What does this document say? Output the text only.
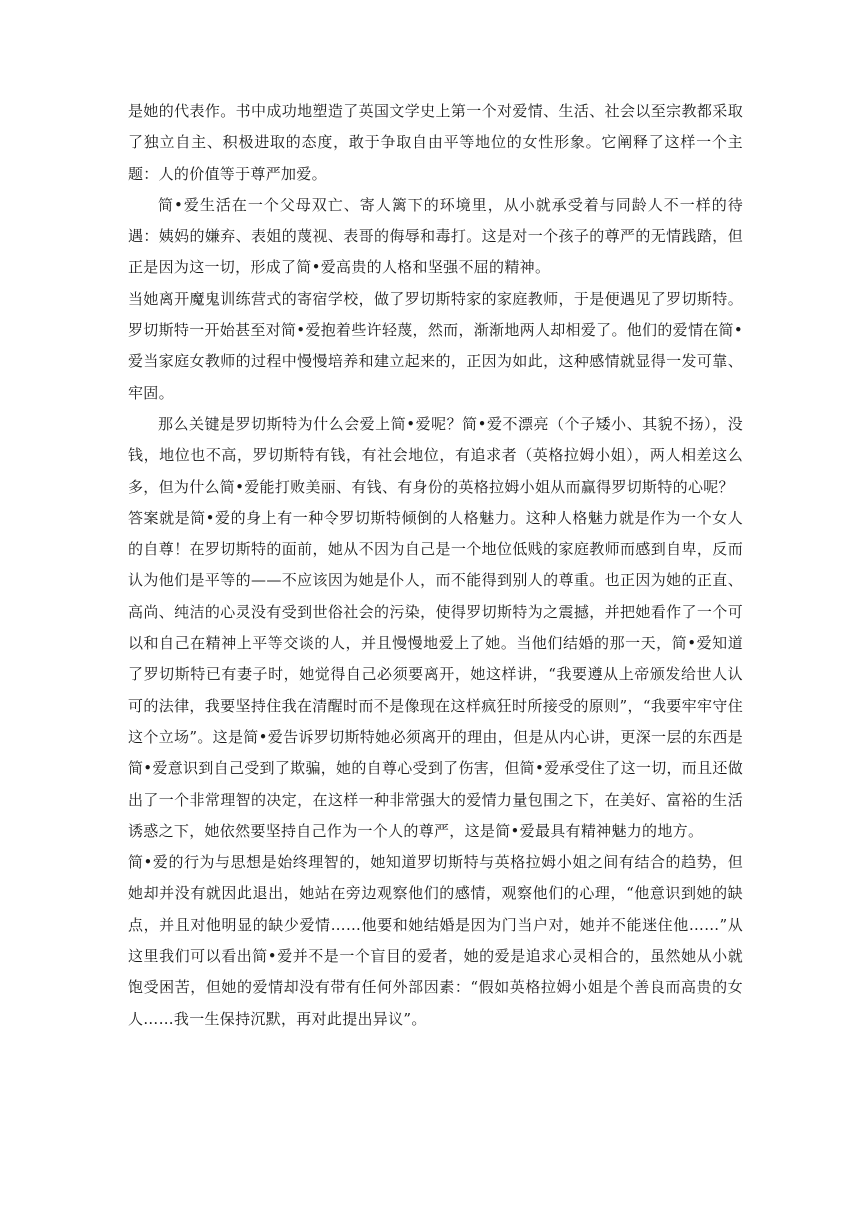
是她的代表作。书中成功地塑造了英国文学史上第一个对爱情、生活、社会以至宗教都采取了独立自主、积极进取的态度，敢于争取自由平等地位的女性形象。它阐释了这样一个主题：人的价值等于尊严加爱。

简•爱生活在一个父母双亡、寄人篱下的环境里，从小就承受着与同龄人不一样的待遇：姨妈的嫌弃、表姐的蔑视、表哥的侮辱和毒打。这是对一个孩子的尊严的无情践踏，但正是因为这一切，形成了简•爱高贵的人格和坚强不屈的精神。

当她离开魔鬼训练营式的寄宿学校，做了罗切斯特家的家庭教师，于是便遇见了罗切斯特。罗切斯特一开始甚至对简•爱抱着些许轻蔑，然而，渐渐地两人却相爱了。他们的爱情在简•爱当家庭女教师的过程中慢慢培养和建立起来的，正因为如此，这种感情就显得一发可靠、牢固。

那么关键是罗切斯特为什么会爱上简•爱呢？简•爱不漂亮（个子矮小、其貌不扬），没钱，地位也不高，罗切斯特有钱，有社会地位，有追求者（英格拉姆小姐），两人相差这么多，但为什么简•爱能打败美丽、有钱、有身份的英格拉姆小姐从而赢得罗切斯特的心呢？

答案就是简•爱的身上有一种令罗切斯特倾倒的人格魅力。这种人格魅力就是作为一个女人的自尊！在罗切斯特的面前，她从不因为自己是一个地位低贱的家庭教师而感到自卑，反而认为他们是平等的——不应该因为她是仆人，而不能得到别人的尊重。也正因为她的正直、高尚、纯洁的心灵没有受到世俗社会的污染，使得罗切斯特为之震撼，并把她看作了一个可以和自己在精神上平等交谈的人，并且慢慢地爱上了她。当他们结婚的那一天，简•爱知道了罗切斯特已有妻子时，她觉得自己必须要离开，她这样讲，“我要遵从上帝颁发给世人认可的法律，我要坚持住我在清醒时而不是像现在这样疯狂时所接受的原则”，“我要牢牢守住这个立场”。这是简•爱告诉罗切斯特她必须离开的理由，但是从内心讲，更深一层的东西是简•爱意识到自己受到了欺骗，她的自尊心受到了伤害，但简•爱承受住了这一切，而且还做出了一个非常理智的决定，在这样一种非常强大的爱情力量包围之下，在美好、富裕的生活诱惑之下，她依然要坚持自己作为一个人的尊严，这是简•爱最具有精神魅力的地方。

简•爱的行为与思想是始终理智的，她知道罗切斯特与英格拉姆小姐之间有结合的趋势，但她却并没有就因此退出，她站在旁边观察他们的感情，观察他们的心理，“他意识到她的缺点，并且对他明显的缺少爱情……他要和她结婚是因为门当户对，她并不能迷住他……”从这里我们可以看出简•爱并不是一个盲目的爱者，她的爱是追求心灵相合的，虽然她从小就饱受困苦，但她的爱情却没有带有任何外部因素：“假如英格拉姆小姐是个善良而高贵的女人……我一生保持沉默，再对此提出异议”。
